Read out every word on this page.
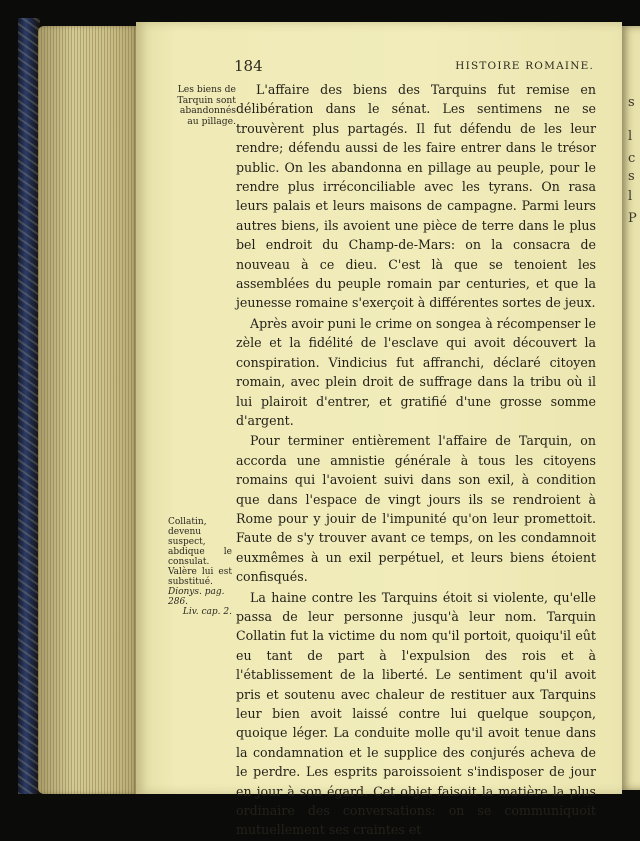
s
l
c
s
l
P
184	HISTOIRE ROMAINE.
Les biens de Tarquin sont abandonnés au pillage.
Collatin, devenu suspect, abdique le consulat. Valère lui est substitué.
Dionys. pag. 286.
Liv. cap. 2.

L'affaire des biens des Tarquins fut remise en délibération dans le sénat. Les sentimens ne se trouvèrent plus partagés. Il fut défendu de les leur rendre; défendu aussi de les faire entrer dans le trésor public. On les abandonna en pillage au peuple, pour le rendre plus irréconciliable avec les tyrans. On rasa leurs palais et leurs maisons de campagne. Parmi leurs autres biens, ils avoient une pièce de terre dans le plus bel endroit du Champ-de-Mars: on la consacra de nouveau à ce dieu. C'est là que se tenoient les assemblées du peuple romain par centuries, et que la jeunesse romaine s'exerçoit à différentes sortes de jeux.

Après avoir puni le crime on songea à récompenser le zèle et la fidélité de l'esclave qui avoit découvert la conspiration. Vindicius fut affranchi, déclaré citoyen romain, avec plein droit de suffrage dans la tribu où il lui plairoit d'entrer, et gratifié d'une grosse somme d'argent.

Pour terminer entièrement l'affaire de Tarquin, on accorda une amnistie générale à tous les citoyens romains qui l'avoient suivi dans son exil, à condition que dans l'espace de vingt jours ils se rendroient à Rome pour y jouir de l'impunité qu'on leur promettoit. Faute de s'y trouver avant ce temps, on les condamnoit euxmêmes à un exil perpétuel, et leurs biens étoient confisqués.

La haine contre les Tarquins étoit si violente, qu'elle passa de leur personne jusqu'à leur nom. Tarquin Collatin fut la victime du nom qu'il portoit, quoiqu'il eût eu tant de part à l'expulsion des rois et à l'établissement de la liberté. Le sentiment qu'il avoit pris et soutenu avec chaleur de restituer aux Tarquins leur bien avoit laissé contre lui quelque soupçon, quoique léger. La conduite molle qu'il avoit tenue dans la condamnation et le supplice des conjurés acheva de le perdre. Les esprits paroissoient s'indisposer de jour en jour à son égard. Cet objet faisoit la matière la plus ordinaire des conversations: on se communiquoit mutuellement ses craintes et
